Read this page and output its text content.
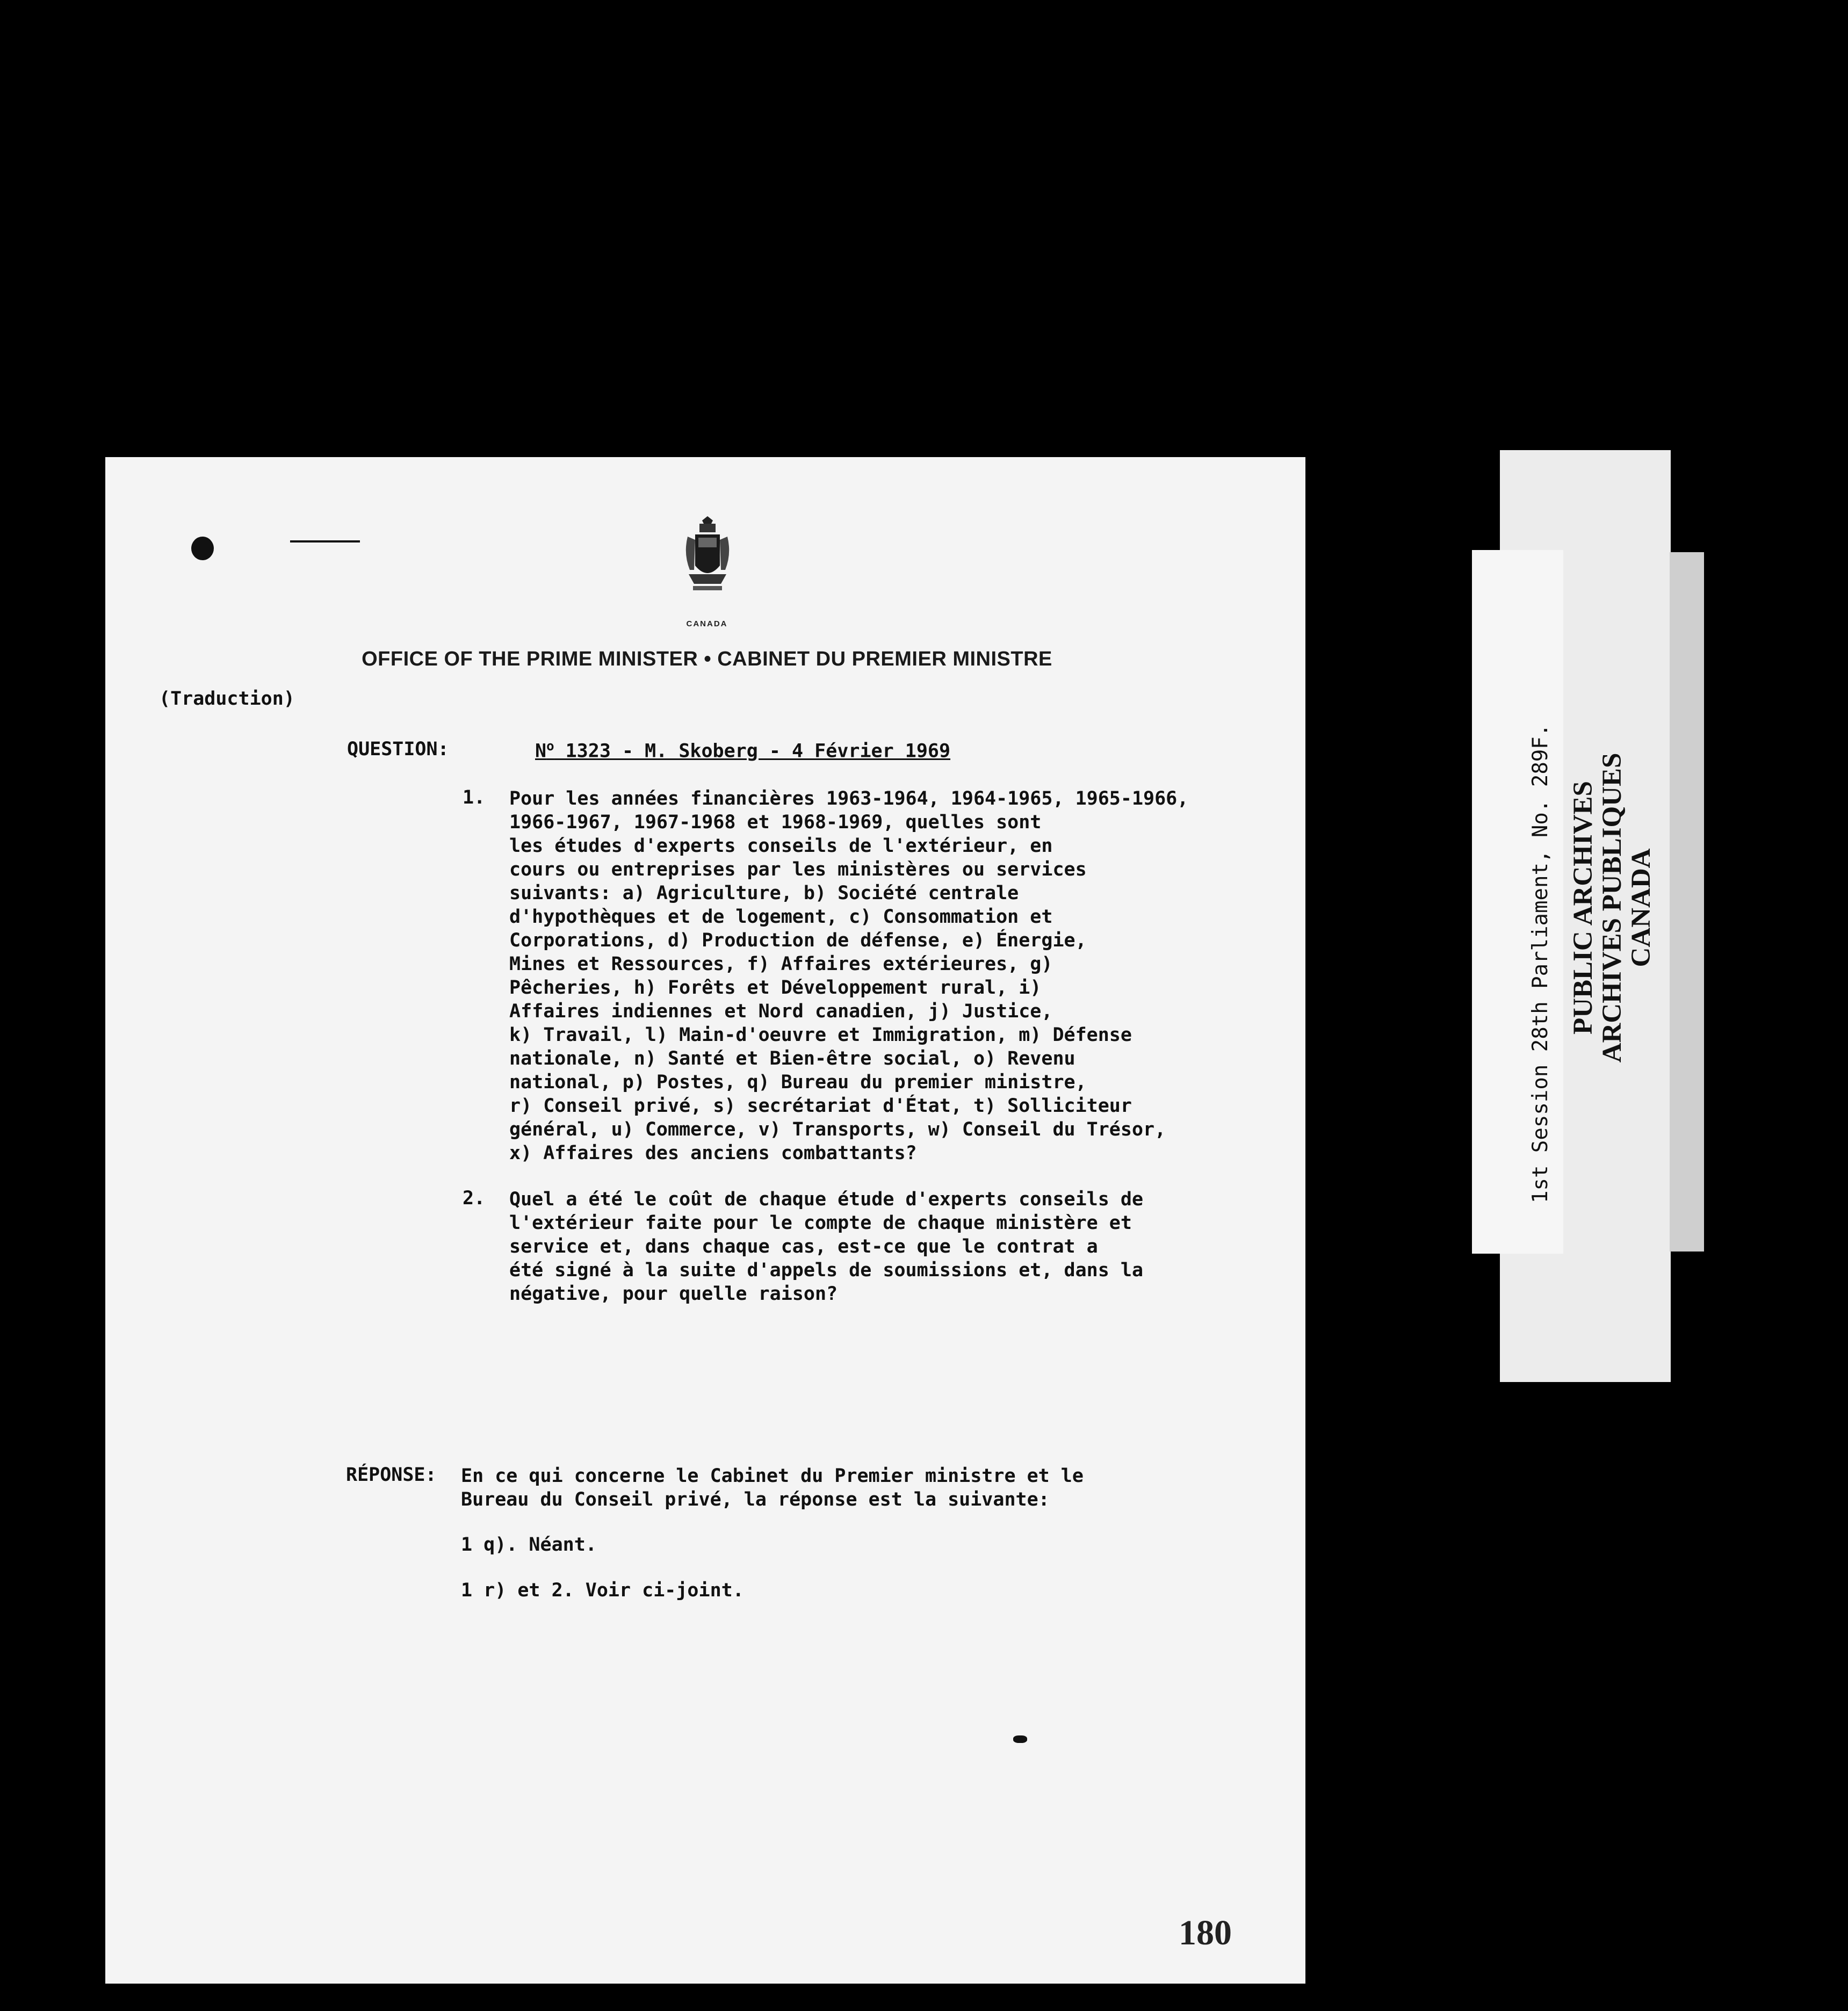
CANADA
OFFICE OF THE PRIME MINISTER • CABINET DU PREMIER MINISTRE
(Traduction)
QUESTION:	$N^o$ 1323 - M. Skoberg - 4 Février 1969
1. Pour les années financières 1963-1964, 1964-1965, 1965-1966,
1966-1967, 1967-1968 et 1968-1969, quelles sont
les études d'experts conseils de l'extérieur, en
cours ou entreprises par les ministères ou services
suivants: a) Agriculture, b) Société centrale
d'hypothèques et de logement, c) Consommation et
Corporations, d) Production de défense, e) Énergie,
Mines et Ressources, f) Affaires extérieures, g)
Pêcheries, h) Forêts et Développement rural, i)
Affaires indiennes et Nord canadien, j) Justice,
k) Travail, l) Main-d'oeuvre et Immigration, m) Défense
nationale, n) Santé et Bien-être social, o) Revenu
national, p) Postes, q) Bureau du premier ministre,
r) Conseil privé, s) secrétariat d'État, t) Solliciteur
général, u) Commerce, v) Transports, w) Conseil du Trésor,
x) Affaires des anciens combattants?
2. Quel a été le coût de chaque étude d'experts conseils de
l'extérieur faite pour le compte de chaque ministère et
service et, dans chaque cas, est-ce que le contrat a
été signé à la suite d'appels de soumissions et, dans la
négative, pour quelle raison?
RÉPONSE: En ce qui concerne le Cabinet du Premier ministre et le
Bureau du Conseil privé, la réponse est la suivante:
1 q). Néant.
1 r) et 2. Voir ci-joint.
180
1st Session 28th Parliament, No. 289F. PUBLIC ARCHIVES
ARCHIVES PUBLIQUES
CANADA
